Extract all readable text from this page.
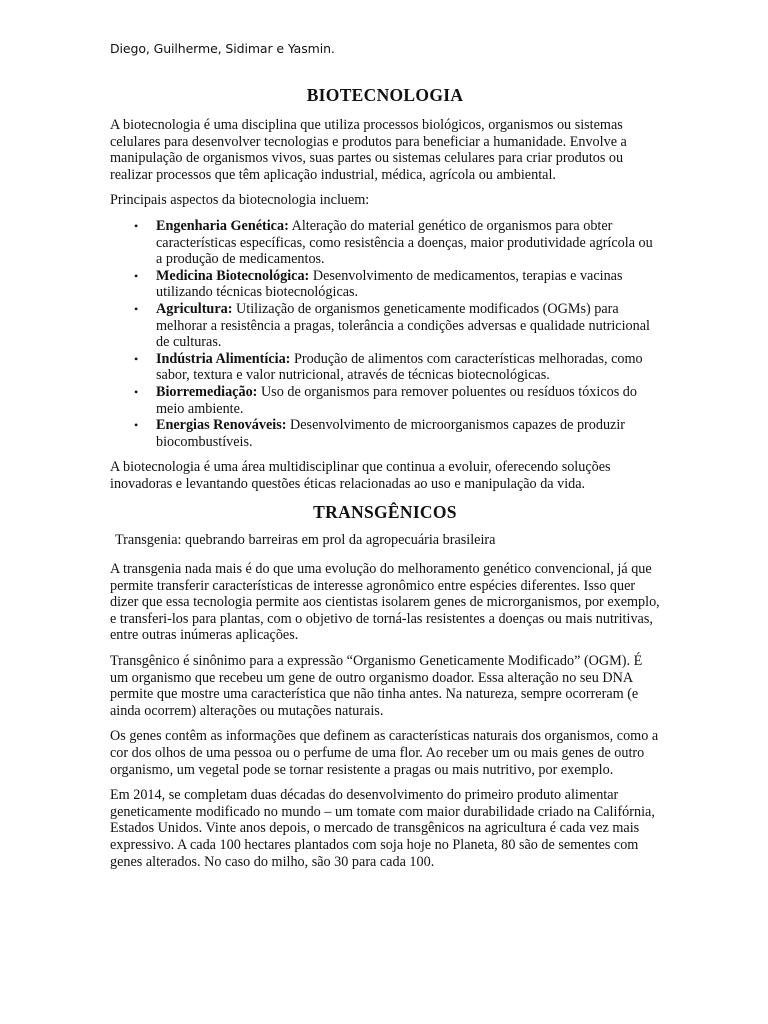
Diego, Guilherme, Sidimar e Yasmin.
BIOTECNOLOGIA

A biotecnologia é uma disciplina que utiliza processos biológicos, organismos ou sistemas celulares para desenvolver tecnologias e produtos para beneficiar a humanidade. Envolve a manipulação de organismos vivos, suas partes ou sistemas celulares para criar produtos ou realizar processos que têm aplicação industrial, médica, agrícola ou ambiental.

Principais aspectos da biotecnologia incluem:

• Engenharia Genética: Alteração do material genético de organismos para obter características específicas, como resistência a doenças, maior produtividade agrícola ou a produção de medicamentos.
• Medicina Biotecnológica: Desenvolvimento de medicamentos, terapias e vacinas utilizando técnicas biotecnológicas.
• Agricultura: Utilização de organismos geneticamente modificados (OGMs) para melhorar a resistência a pragas, tolerância a condições adversas e qualidade nutricional de culturas.
• Indústria Alimentícia: Produção de alimentos com características melhoradas, como sabor, textura e valor nutricional, através de técnicas biotecnológicas.
• Biorremediação: Uso de organismos para remover poluentes ou resíduos tóxicos do meio ambiente.
• Energias Renováveis: Desenvolvimento de microorganismos capazes de produzir biocombustíveis.

A biotecnologia é uma área multidisciplinar que continua a evoluir, oferecendo soluções inovadoras e levantando questões éticas relacionadas ao uso e manipulação da vida.

TRANSGÊNICOS

Transgenia: quebrando barreiras em prol da agropecuária brasileira

A transgenia nada mais é do que uma evolução do melhoramento genético convencional, já que permite transferir características de interesse agronômico entre espécies diferentes. Isso quer dizer que essa tecnologia permite aos cientistas isolarem genes de microrganismos, por exemplo, e transferi-los para plantas, com o objetivo de torná-las resistentes a doenças ou mais nutritivas, entre outras inúmeras aplicações.

Transgênico é sinônimo para a expressão “Organismo Geneticamente Modificado” (OGM). É um organismo que recebeu um gene de outro organismo doador. Essa alteração no seu DNA permite que mostre uma característica que não tinha antes. Na natureza, sempre ocorreram (e ainda ocorrem) alterações ou mutações naturais.

Os genes contêm as informações que definem as características naturais dos organismos, como a cor dos olhos de uma pessoa ou o perfume de uma flor. Ao receber um ou mais genes de outro organismo, um vegetal pode se tornar resistente a pragas ou mais nutritivo, por exemplo.

Em 2014, se completam duas décadas do desenvolvimento do primeiro produto alimentar geneticamente modificado no mundo – um tomate com maior durabilidade criado na Califórnia, Estados Unidos. Vinte anos depois, o mercado de transgênicos na agricultura é cada vez mais expressivo. A cada 100 hectares plantados com soja hoje no Planeta, 80 são de sementes com genes alterados. No caso do milho, são 30 para cada 100.
